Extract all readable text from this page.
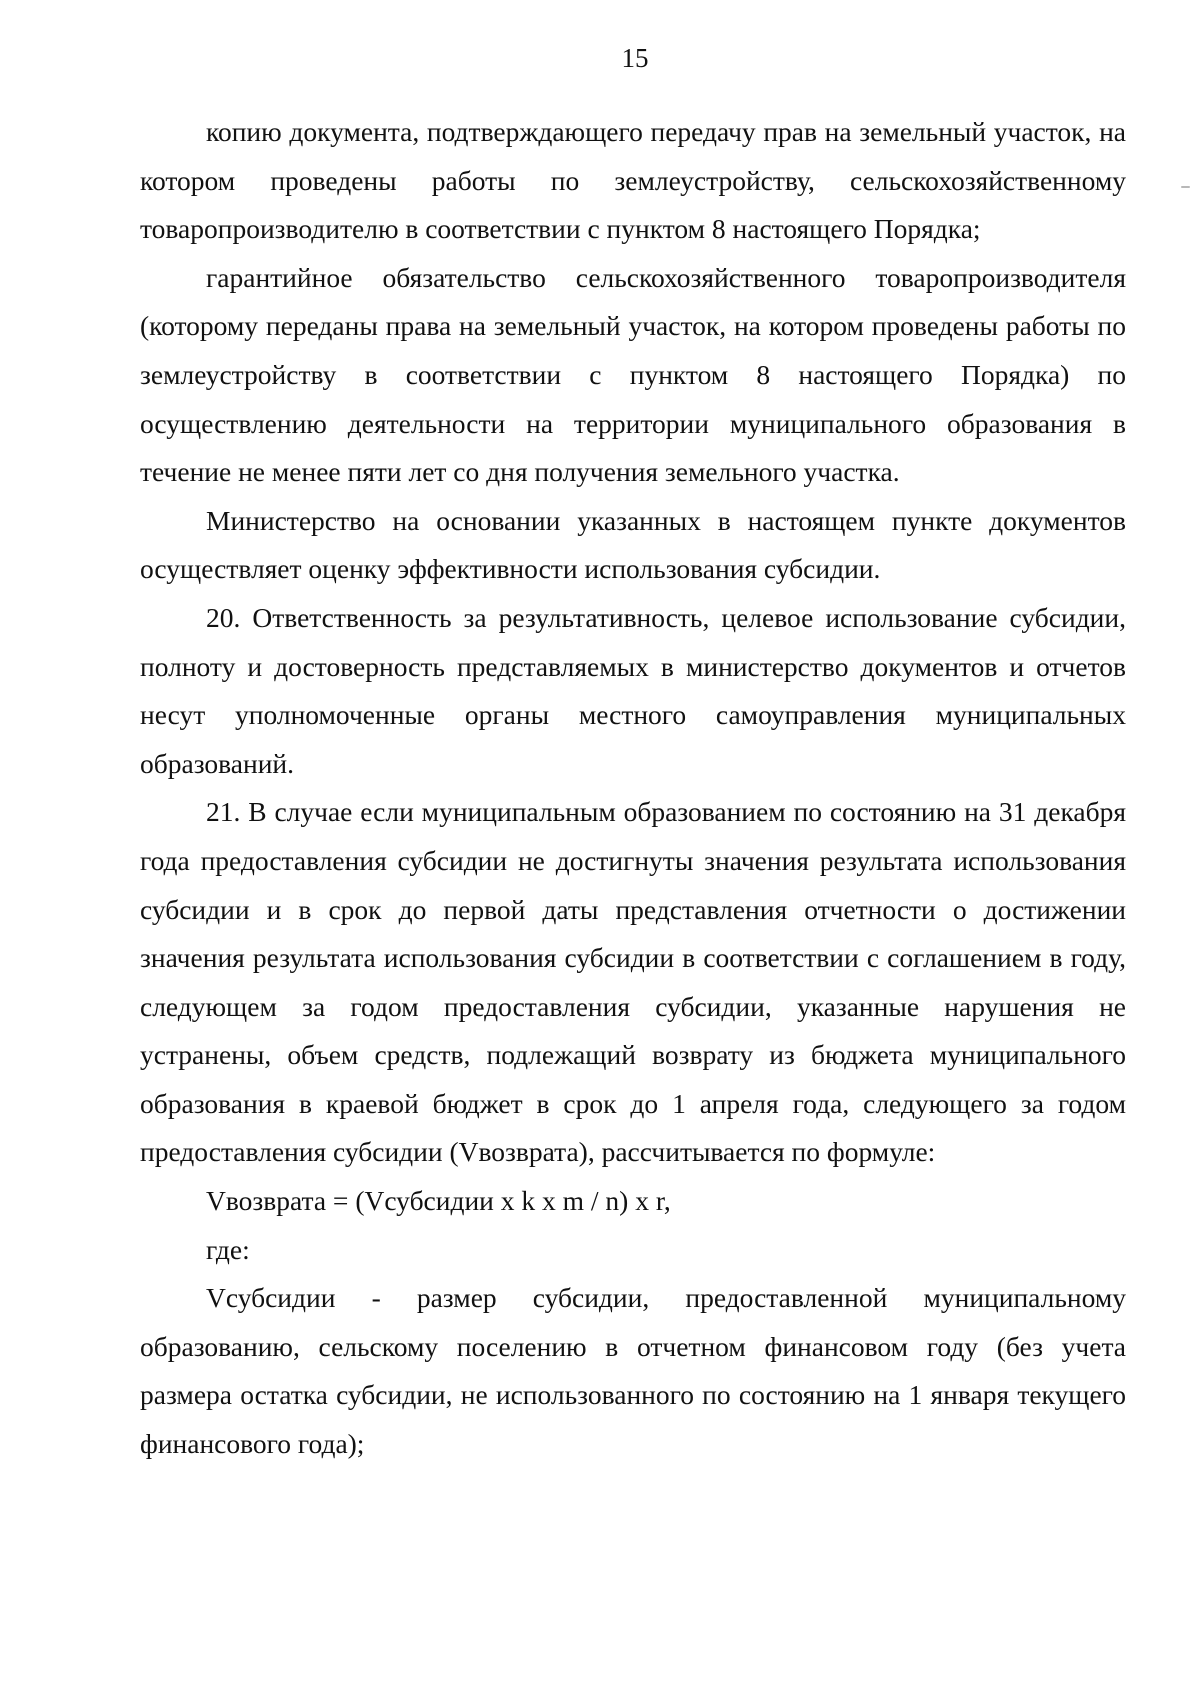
15

копию документа, подтверждающего передачу прав на земельный участок, на котором проведены работы по землеустройству, сельскохозяйственному товаропроизводителю в соответствии с пунктом 8 настоящего Порядка;

гарантийное обязательство сельскохозяйственного товаропроизводителя (которому переданы права на земельный участок, на котором проведены работы по землеустройству в соответствии с пунктом 8 настоящего Порядка) по осуществлению деятельности на территории муниципального образования в течение не менее пяти лет со дня получения земельного участка.

Министерство на основании указанных в настоящем пункте документов осуществляет оценку эффективности использования субсидии.

20. Ответственность за результативность, целевое использование субсидии, полноту и достоверность представляемых в министерство документов и отчетов несут уполномоченные органы местного самоуправления муниципальных образований.

21. В случае если муниципальным образованием по состоянию на 31 декабря года предоставления субсидии не достигнуты значения результата использования субсидии и в срок до первой даты представления отчетности о достижении значения результата использования субсидии в соответствии с соглашением в году, следующем за годом предоставления субсидии, указанные нарушения не устранены, объем средств, подлежащий возврату из бюджета муниципального образования в краевой бюджет в срок до 1 апреля года, следующего за годом предоставления субсидии (Vвозврата), рассчитывается по формуле:

Vвозврата = (Vсубсидии x k x m / n) x r,

где:

Vсубсидии - размер субсидии, предоставленной муниципальному образованию, сельскому поселению в отчетном финансовом году (без учета размера остатка субсидии, не использованного по состоянию на 1 января текущего финансового года);
